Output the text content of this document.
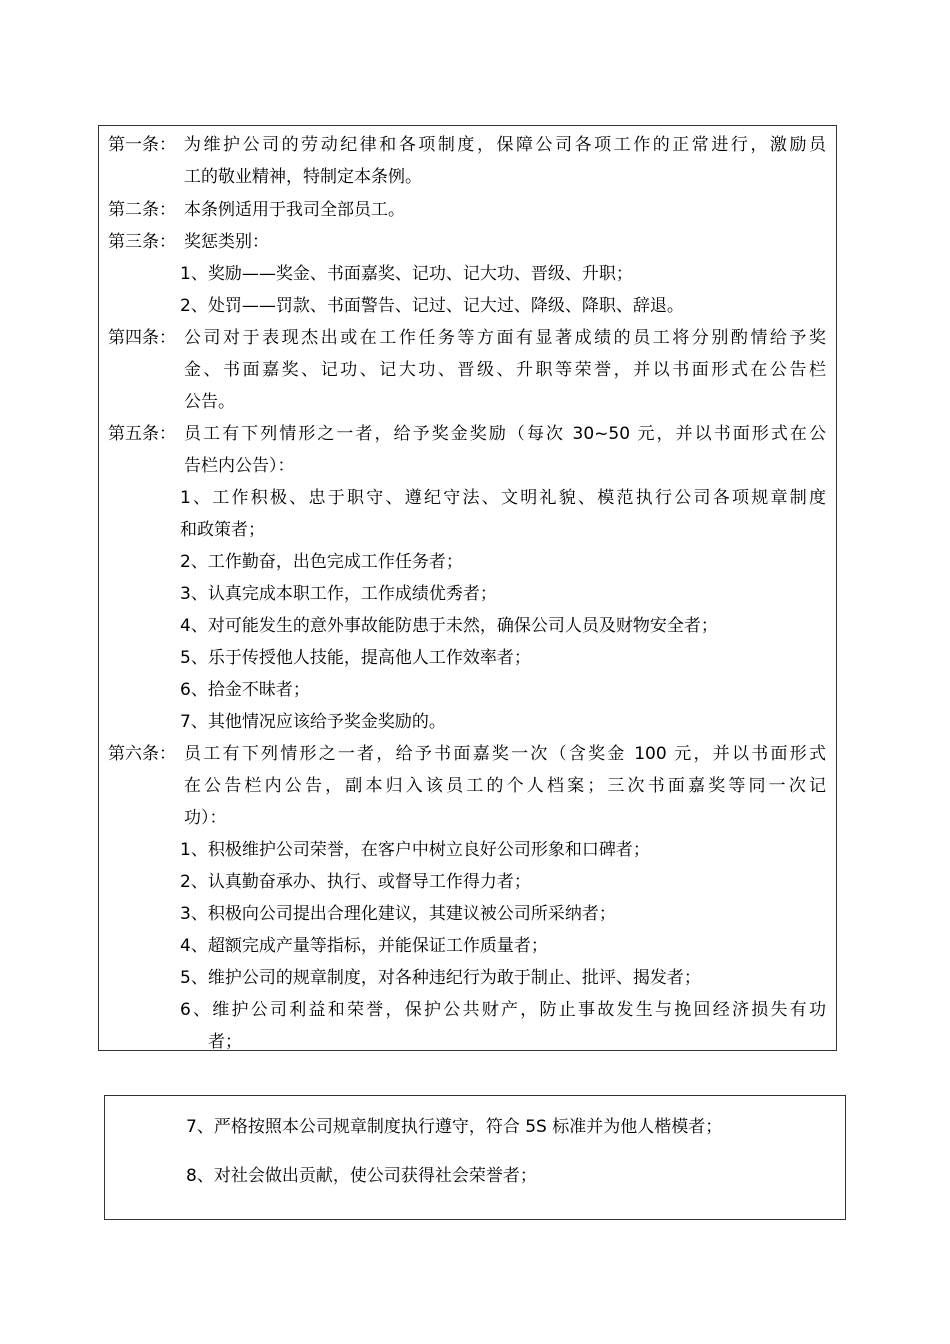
第一条： 为维护公司的劳动纪律和各项制度，保障公司各项工作的正常进行，激励员
工的敬业精神，特制定本条例。
第二条： 本条例适用于我司全部员工。
第三条： 奖惩类别：
1、奖励——奖金、书面嘉奖、记功、记大功、晋级、升职；
2、处罚——罚款、书面警告、记过、记大过、降级、降职、辞退。
第四条： 公司对于表现杰出或在工作任务等方面有显著成绩的员工将分别酌情给予奖
金、书面嘉奖、记功、记大功、晋级、升职等荣誉，并以书面形式在公告栏
公告。
第五条： 员工有下列情形之一者，给予奖金奖励（每次 30~50 元，并以书面形式在公
告栏内公告）：
1、工作积极、忠于职守、遵纪守法、文明礼貌、模范执行公司各项规章制度
和政策者；
2、工作勤奋，出色完成工作任务者；
3、认真完成本职工作，工作成绩优秀者；
4、对可能发生的意外事故能防患于未然，确保公司人员及财物安全者；
5、乐于传授他人技能，提高他人工作效率者；
6、拾金不昧者；
7、其他情况应该给予奖金奖励的。
第六条： 员工有下列情形之一者，给予书面嘉奖一次（含奖金 100 元，并以书面形式
在公告栏内公告，副本归入该员工的个人档案；三次书面嘉奖等同一次记
功）：
1、积极维护公司荣誉，在客户中树立良好公司形象和口碑者；
2、认真勤奋承办、执行、或督导工作得力者；
3、积极向公司提出合理化建议，其建议被公司所采纳者；
4、超额完成产量等指标，并能保证工作质量者；
5、维护公司的规章制度，对各种违纪行为敢于制止、批评、揭发者；
6、维护公司利益和荣誉，保护公共财产，防止事故发生与挽回经济损失有功
者；
7、严格按照本公司规章制度执行遵守，符合 5S 标准并为他人楷模者；
8、对社会做出贡献，使公司获得社会荣誉者；
